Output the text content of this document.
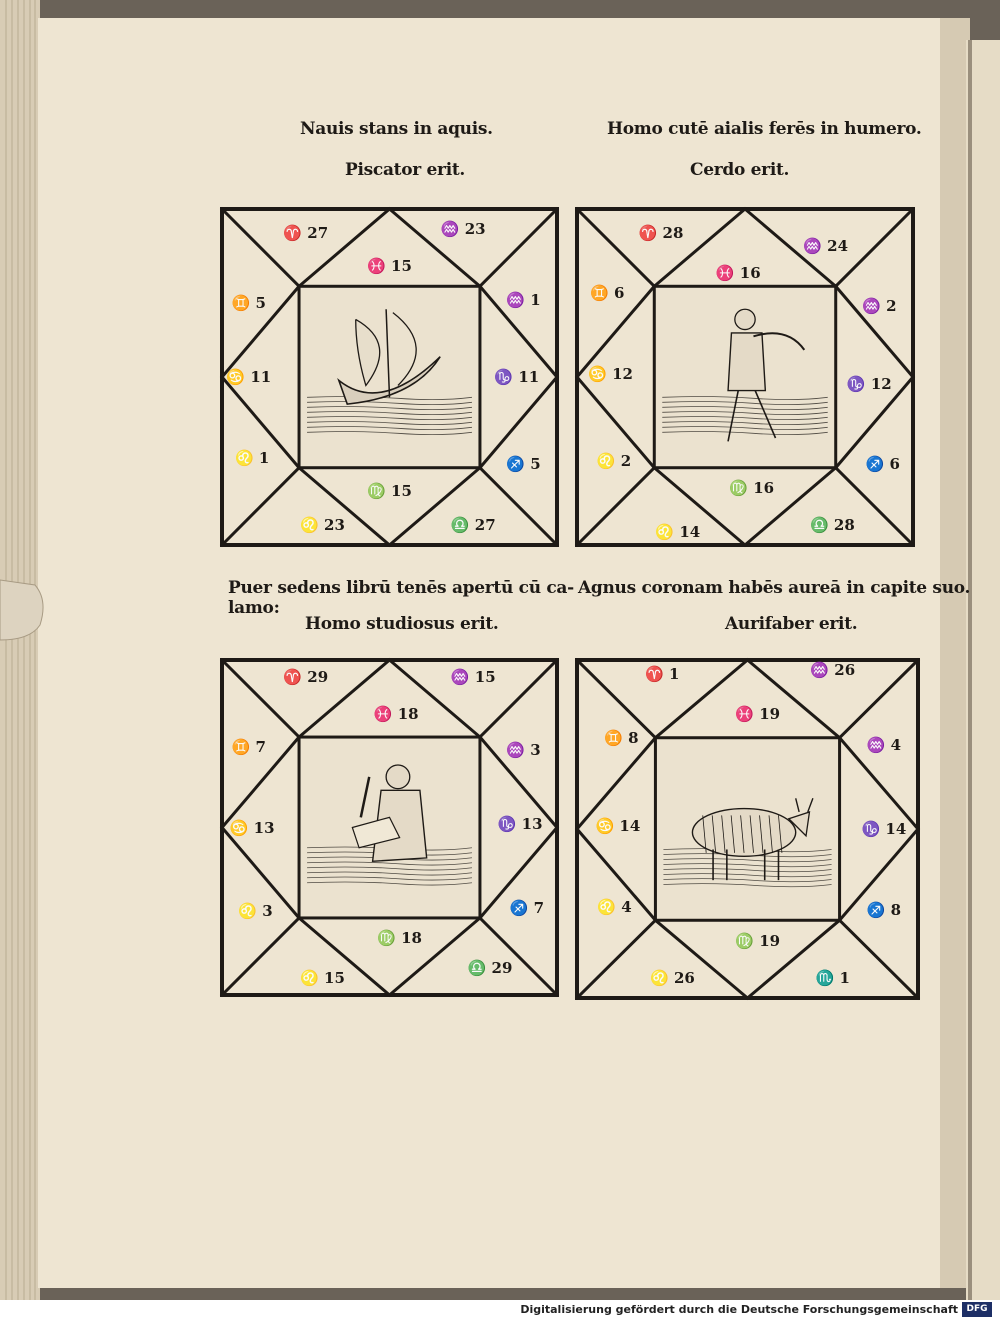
Nauis stans in aquis.
Piscator erit.
Homo cutē aialis ferēs in humero.
Cerdo erit.
Puer sedens librū tenēs apertū cū ca-
lamo:
Homo studiosus erit.
Agnus coronam habēs aureā in capite suo.
Aurifaber erit.
♈ 27	♒ 23
♓ 15
♊ 5	♒ 1
♋ 11	♑ 11
♌ 1	♐ 5
♍ 15
♌ 23	♎ 27
♈ 28
♒ 24
♓ 16
♊ 6
♒ 2
♋ 12
♑ 12
♌ 2	♐ 6
♍ 16
♌ 14	♎ 28
♈ 29	♒ 15
♓ 18
♊ 7	♒ 3
♋ 13	♑ 13
♌ 3	♐ 7
♍ 18
♌ 15
♎ 29
♈ 1	♒ 26
♓ 19
♊ 8	♒ 4
♋ 14	♑ 14
♌ 4	♐ 8
♍ 19
♌ 26	♏ 1
Digitalisierung gefördert durch die Deutsche Forschungsgemeinschaft DFG
